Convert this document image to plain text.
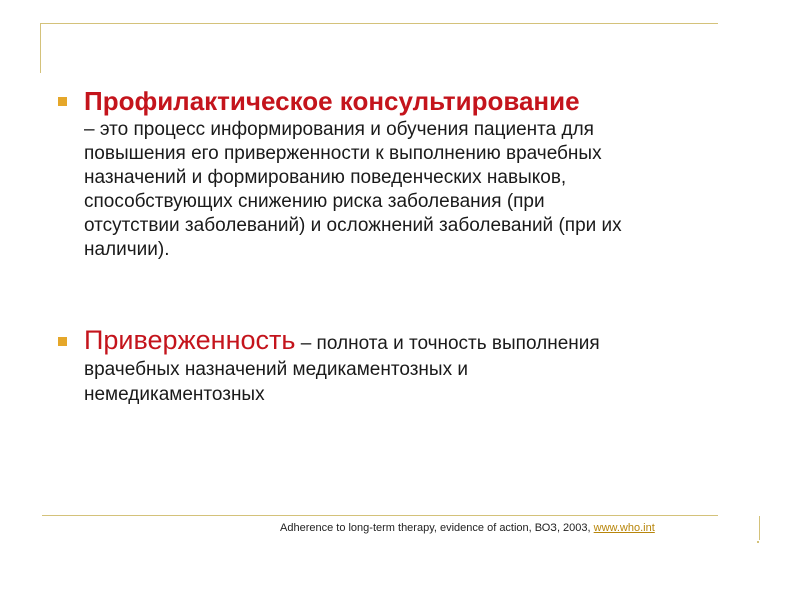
Профилактическое консультирование
– это процесс информирования и обучения пациента для
повышения его приверженности к выполнению врачебных
назначений и формированию поведенческих навыков,
способствующих снижению риска заболевания (при
отсутствии заболеваний) и осложнений заболеваний (при их
наличии).
Приверженность – полнота и точность выполнения
врачебных назначений медикаментозных и
немедикаментозных
Adherence to long-term therapy, evidence of action, ВОЗ, 2003, www.who.int
